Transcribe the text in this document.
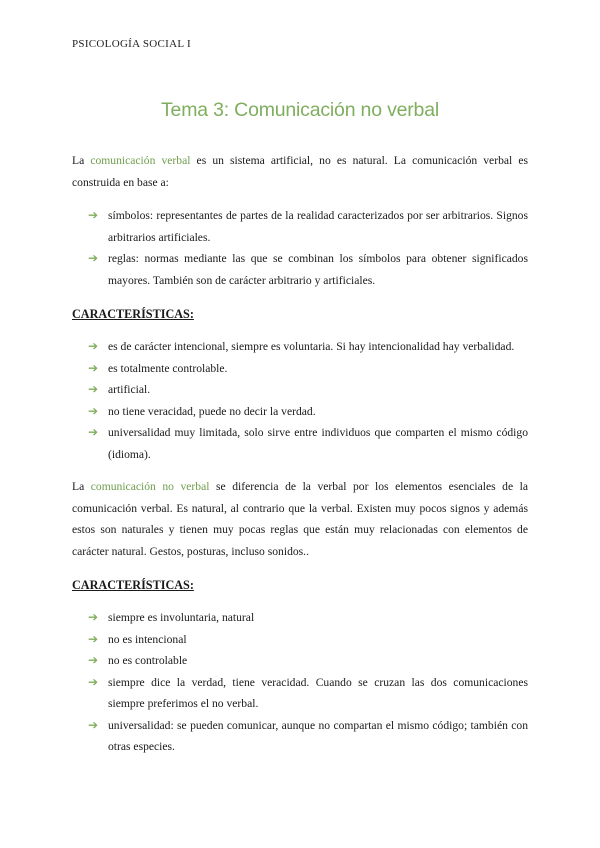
PSICOLOGÍA SOCIAL I
Tema 3: Comunicación no verbal

La comunicación verbal es un sistema artificial, no es natural. La comunicación verbal es construida en base a:

➔ símbolos: representantes de partes de la realidad caracterizados por ser arbitrarios. Signos arbitrarios artificiales.
➔ reglas: normas mediante las que se combinan los símbolos para obtener significados mayores. También son de carácter arbitrario y artificiales.
CARACTERÍSTICAS:
➔ es de carácter intencional, siempre es voluntaria. Si hay intencionalidad hay verbalidad.
➔ es totalmente controlable.
➔ artificial.
➔ no tiene veracidad, puede no decir la verdad.
➔ universalidad muy limitada, solo sirve entre individuos que comparten el mismo código (idioma).

La comunicación no verbal se diferencia de la verbal por los elementos esenciales de la comunicación verbal. Es natural, al contrario que la verbal. Existen muy pocos signos y además estos son naturales y tienen muy pocas reglas que están muy relacionadas con elementos de carácter natural. Gestos, posturas, incluso sonidos..

CARACTERÍSTICAS:
➔ siempre es involuntaria, natural
➔ no es intencional
➔ no es controlable
➔ siempre dice la verdad, tiene veracidad. Cuando se cruzan las dos comunicaciones siempre preferimos el no verbal.
➔ universalidad: se pueden comunicar, aunque no compartan el mismo código; también con otras especies.
